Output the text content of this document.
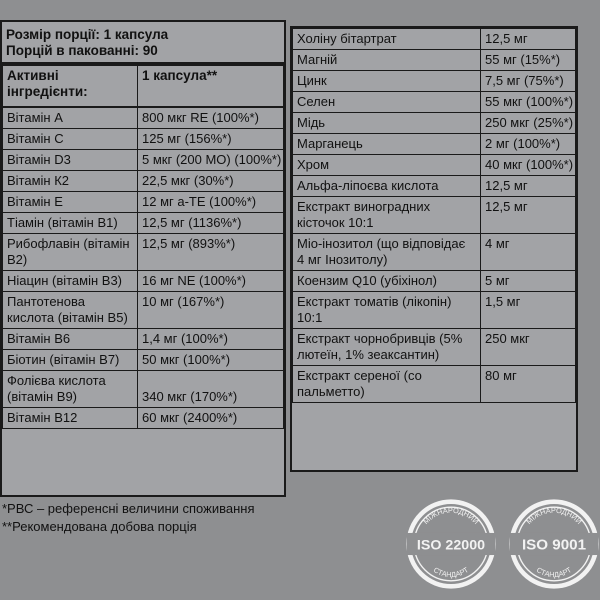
Розмір порції: 1 капсула
Порцій в пакованні: 90
Активні інгредієнти:	1 капсула**
Вітамін А	800 мкг RE (100%*)
Вітамін С	125 мг (156%*)
Вітамін D3	5 мкг (200 МО) (100%*)
Вітамін К2	22,5 мкг (30%*)
Вітамін Е	12 мг а-ТЕ (100%*)
Тіамін (вітамін В1)	12,5 мг (1136%*)
Рибофлавін (вітамін В2)	12,5 мг (893%*)
Ніацин (вітамін В3)	16 мг NE (100%*)
Пантотенова кислота (вітамін В5)	10 мг (167%*)
Вітамін В6	1,4 мг (100%*)
Біотин (вітамін В7)	50 мкг (100%*)
Фолієва кислота (вітамін В9)	340 мкг (170%*)
Вітамін В12	60 мкг (2400%*)
Холіну бітартрат	12,5 мг
Магній	55 мг (15%*)
Цинк	7,5 мг (75%*)
Селен	55 мкг (100%*)
Мідь	250 мкг (25%*)
Марганець	2 мг (100%*)
Хром	40 мкг (100%*)
Альфа-ліпоєва кислота	12,5 мг
Екстракт виноградних кісточок 10:1	12,5 мг
Міо-інозитол (що відповідає 4 мг Інозитолу)	4 мг
Коензим Q10 (убіхінол)	5 мг
Екстракт томатів (лікопін) 10:1	1,5 мг
Екстракт чорнобривців (5% лютеїн, 1% зеаксантин)	250 мкг
Екстракт сереної (со пальметто)	80 мг
*РВС – референсні величини споживання
**Рекомендована добова порція	МІЖНАРОДНИЙ
ISO 22000
СТАНДАРТ
МІЖНАРОДНИЙ
ISO 9001
СТАНДАРТ
